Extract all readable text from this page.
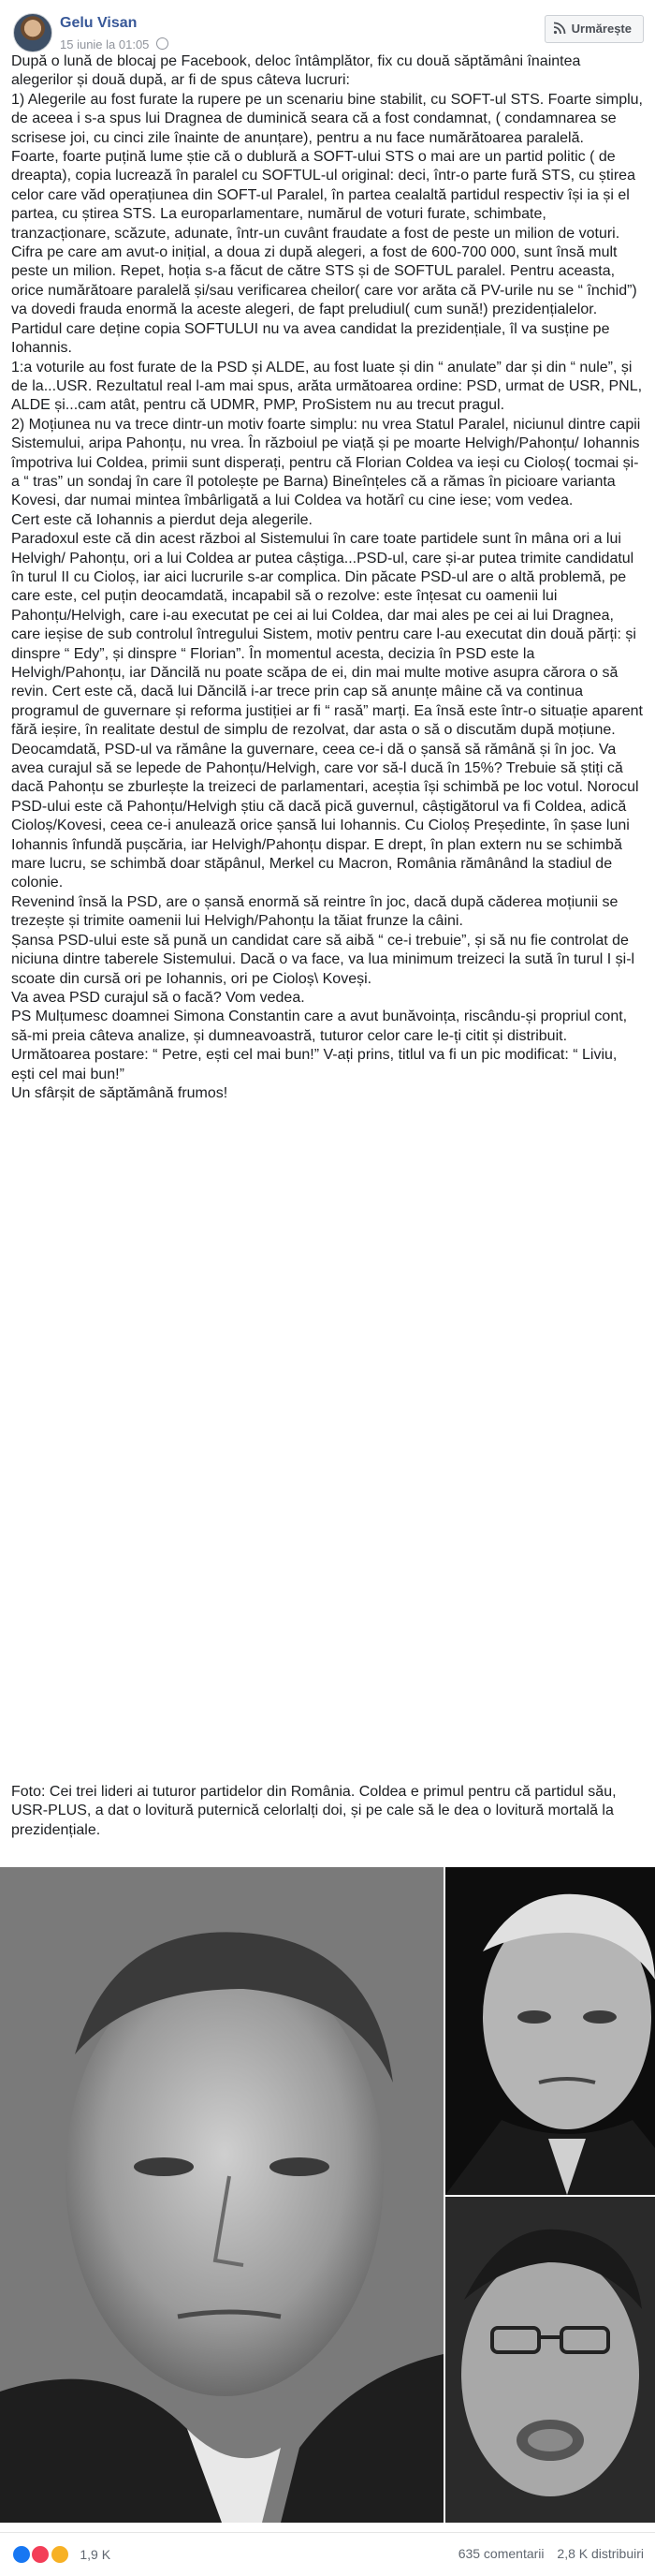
Gelu Visan
15 iunie la 01:05
Urmărește
După o lună de blocaj pe Facebook, deloc întâmplător, fix cu două săptămâni înaintea alegerilor și două după, ar fi de spus câteva lucruri:
1) Alegerile au fost furate la rupere pe un scenariu bine stabilit, cu SOFT-ul STS. Foarte simplu, de aceea i s-a spus lui Dragnea de duminică seara că a fost condamnat, ( condamnarea se scrisese joi, cu cinci zile înainte de anunțare), pentru a nu face numărătoarea paralelă.
Foarte, foarte puțină lume știe că o dublură a SOFT-ului STS o mai are un partid politic ( de dreapta), copia lucrează în paralel cu SOFTUL-ul original: deci, într-o parte fură STS, cu știrea celor care văd operațiunea din SOFT-ul Paralel, în partea cealaltă partidul respectiv își ia și el partea, cu știrea STS. La europarlamentare, numărul de voturi furate, schimbate, tranzacționare, scăzute, adunate, într-un cuvânt fraudate a fost de peste un milion de voturi. Cifra pe care am avut-o inițial, a doua zi după alegeri, a fost de 600-700 000, sunt însă mult peste un milion. Repet, hoția s-a făcut de către STS și de SOFTUL paralel. Pentru aceasta, orice numărătoare paralelă și/sau verificarea cheilor( care vor arăta că PV-urile nu se “ închid”) va dovedi frauda enormă la aceste alegeri, de fapt preludiul( cum sună!) prezidențialelor. Partidul care deține copia SOFTULUI nu va avea candidat la prezidențiale, îl va susține pe Iohannis.
1:a voturile au fost furate de la PSD și ALDE, au fost luate și din “ anulate” dar și din “ nule”, și de la...USR. Rezultatul real l-am mai spus, arăta următoarea ordine: PSD, urmat de USR, PNL, ALDE și...cam atât, pentru că UDMR, PMP, ProSistem nu au trecut pragul.
2) Moțiunea nu va trece dintr-un motiv foarte simplu: nu vrea Statul Paralel, niciunul dintre capii Sistemului, aripa Pahonțu, nu vrea. În războiul pe viață și pe moarte Helvigh/Pahonțu/ Iohannis împotriva lui Coldea, primii sunt disperați, pentru că Florian Coldea va ieși cu Cioloș( tocmai și-a “ tras” un sondaj în care îl potolește pe Barna) Bineînțeles că a rămas în picioare varianta Kovesi, dar numai mintea îmbârligată a lui Coldea va hotărî cu cine iese; vom vedea.
Cert este că Iohannis a pierdut deja alegerile.
Paradoxul este că din acest război al Sistemului în care toate partidele sunt în mâna ori a lui Helvigh/ Pahonțu, ori a lui Coldea ar putea câștiga...PSD-ul, care și-ar putea trimite candidatul în turul II cu Cioloș, iar aici lucrurile s-ar complica. Din păcate PSD-ul are o altă problemă, pe care este, cel puțin deocamdată, incapabil să o rezolve: este înțesat cu oamenii lui Pahonțu/Helvigh, care i-au executat pe cei ai lui Coldea, dar mai ales pe cei ai lui Dragnea, care ieșise de sub controlul întregului Sistem, motiv pentru care l-au executat din două părți: și dinspre “ Edy”, și dinspre “ Florian”. În momentul acesta, decizia în PSD este la Helvigh/Pahonțu, iar Dăncilă nu poate scăpa de ei, din mai multe motive asupra cărora o să revin. Cert este că, dacă lui Dăncilă i-ar trece prin cap să anunțe mâine că va continua programul de guvernare și reforma justiției ar fi “ rasă” marți. Ea însă este într-o situație aparent fără ieșire, în realitate destul de simplu de rezolvat, dar asta o să o discutăm după moțiune. Deocamdată, PSD-ul va rămâne la guvernare, ceea ce-i dă o șansă să rămână și în joc. Va avea curajul să se lepede de Pahonțu/Helvigh, care vor să-l ducă în 15%? Trebuie să știți că dacă Pahonțu se zburlește la treizeci de parlamentari, aceștia își schimbă pe loc votul. Norocul PSD-ului este că Pahonțu/Helvigh știu că dacă pică guvernul, câștigătorul va fi Coldea, adică Cioloș/Kovesi, ceea ce-i anulează orice șansă lui Iohannis. Cu Cioloș Președinte, în șase luni Iohannis înfundă pușcăria, iar Helvigh/Pahonțu dispar. E drept, în plan extern nu se schimbă mare lucru, se schimbă doar stăpânul, Merkel cu Macron, România rămânând la stadiul de colonie.
Revenind însă la PSD, are o șansă enormă să reintre în joc, dacă după căderea moțiunii se trezește și trimite oamenii lui Helvigh/Pahonțu la tăiat frunze la câini.
Șansa PSD-ului este să pună un candidat care să aibă “ ce-i trebuie”, și să nu fie controlat de niciuna dintre taberele Sistemului. Dacă o va face, va lua minimum treizeci la sută în turul I și-l scoate din cursă ori pe Iohannis, ori pe Cioloș\ Koveși.
Va avea PSD curajul să o facă? Vom vedea.
PS Mulțumesc doamnei Simona Constantin care a avut bunăvoința, riscându-și propriul cont, să-mi preia câteva analize, și dumneavoastră, tuturor celor care le-ți citit și distribuit.
Următoarea postare: “ Petre, ești cel mai bun!” V-ați prins, titlul va fi un pic modificat: “ Liviu, ești cel mai bun!”
Un sfârșit de săptămână frumos!
Foto: Cei trei lideri ai tuturor partidelor din România. Coldea e primul pentru că partidul său, USR-PLUS, a dat o lovitură puternică celorlalți doi, și pe cale să le dea o lovitură mortală la prezidențiale.
1,9 K	635 comentarii 2,8 K distribuiri
